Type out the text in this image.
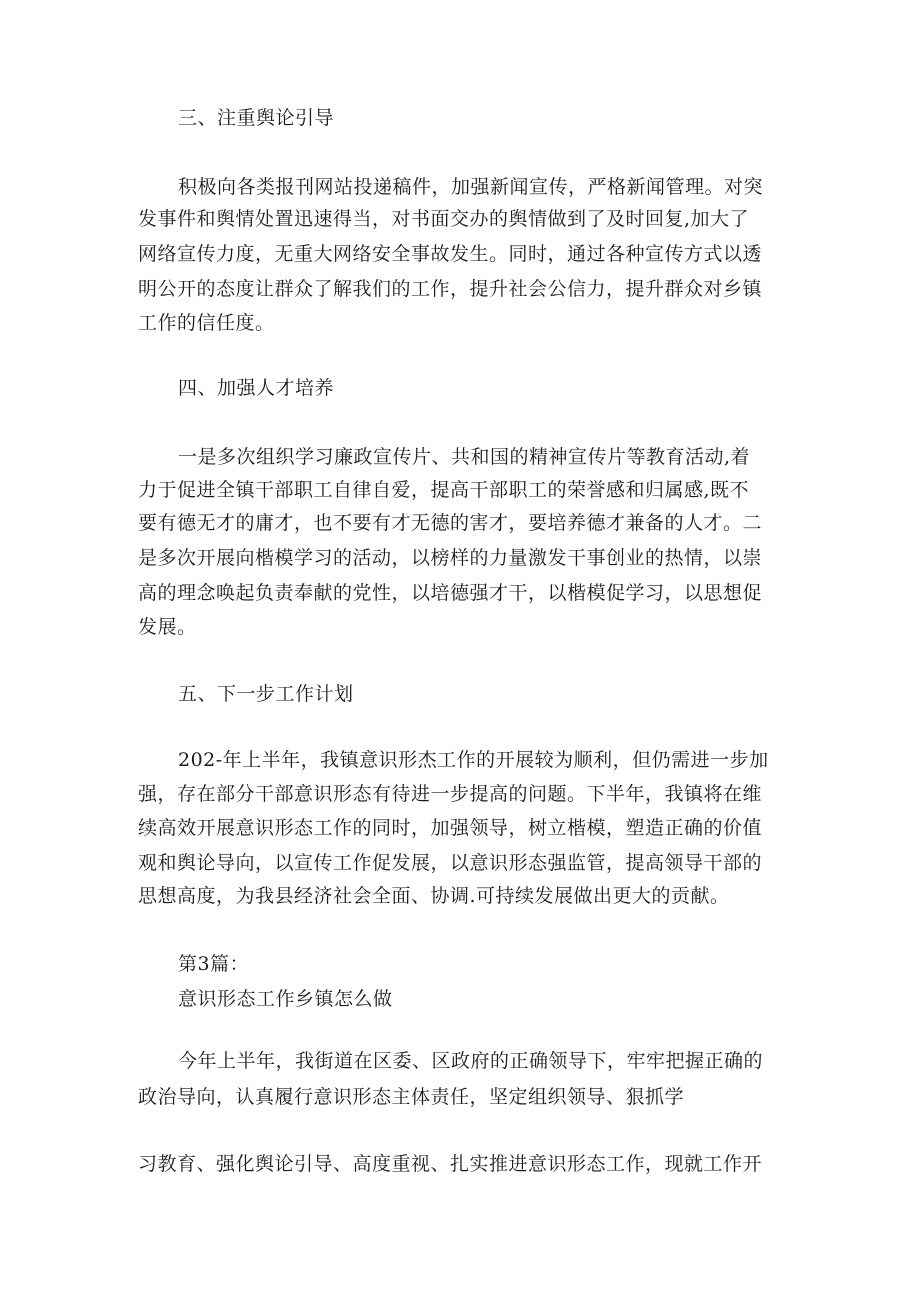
三、注重舆论引导
积极向各类报刊网站投递稿件，加强新闻宣传，严格新闻管理。对突
发事件和舆情处置迅速得当，对书面交办的舆情做到了及时回复,加大了
网络宣传力度，无重大网络安全事故发生。同时，通过各种宣传方式以透
明公开的态度让群众了解我们的工作，提升社会公信力，提升群众对乡镇
工作的信任度。
四、加强人才培养
一是多次组织学习廉政宣传片、共和国的精神宣传片等教育活动,着
力于促进全镇干部职工自律自爱，提高干部职工的荣誉感和归属感,既不
要有德无才的庸才，也不要有才无德的害才，要培养德才兼备的人才。二
是多次开展向楷模学习的活动，以榜样的力量激发干事创业的热情，以崇
高的理念唤起负责奉献的党性，以培德强才干，以楷模促学习，以思想促
发展。
五、下一步工作计划
202-年上半年，我镇意识形杰工作的开展较为顺利，但仍需进一步加
强，存在部分干部意识形态有待进一步提高的问题。下半年，我镇将在维
续高效开展意识形态工作的同时，加强领导，树立楷模，塑造正确的价值
观和舆论导向，以宣传工作促发展，以意识形态强监管，提高领导干部的
思想高度，为我县经济社会全面、协调.可持续发展做出更大的贡献。
第3篇：
意识形态工作乡镇怎么做
今年上半年，我街道在区委、区政府的正确领导下，牢牢把握正确的
政治导向，认真履行意识形态主体责任，坚定组织领导、狠抓学
习教育、强化舆论引导、高度重视、扎实推进意识形态工作，现就工作开
